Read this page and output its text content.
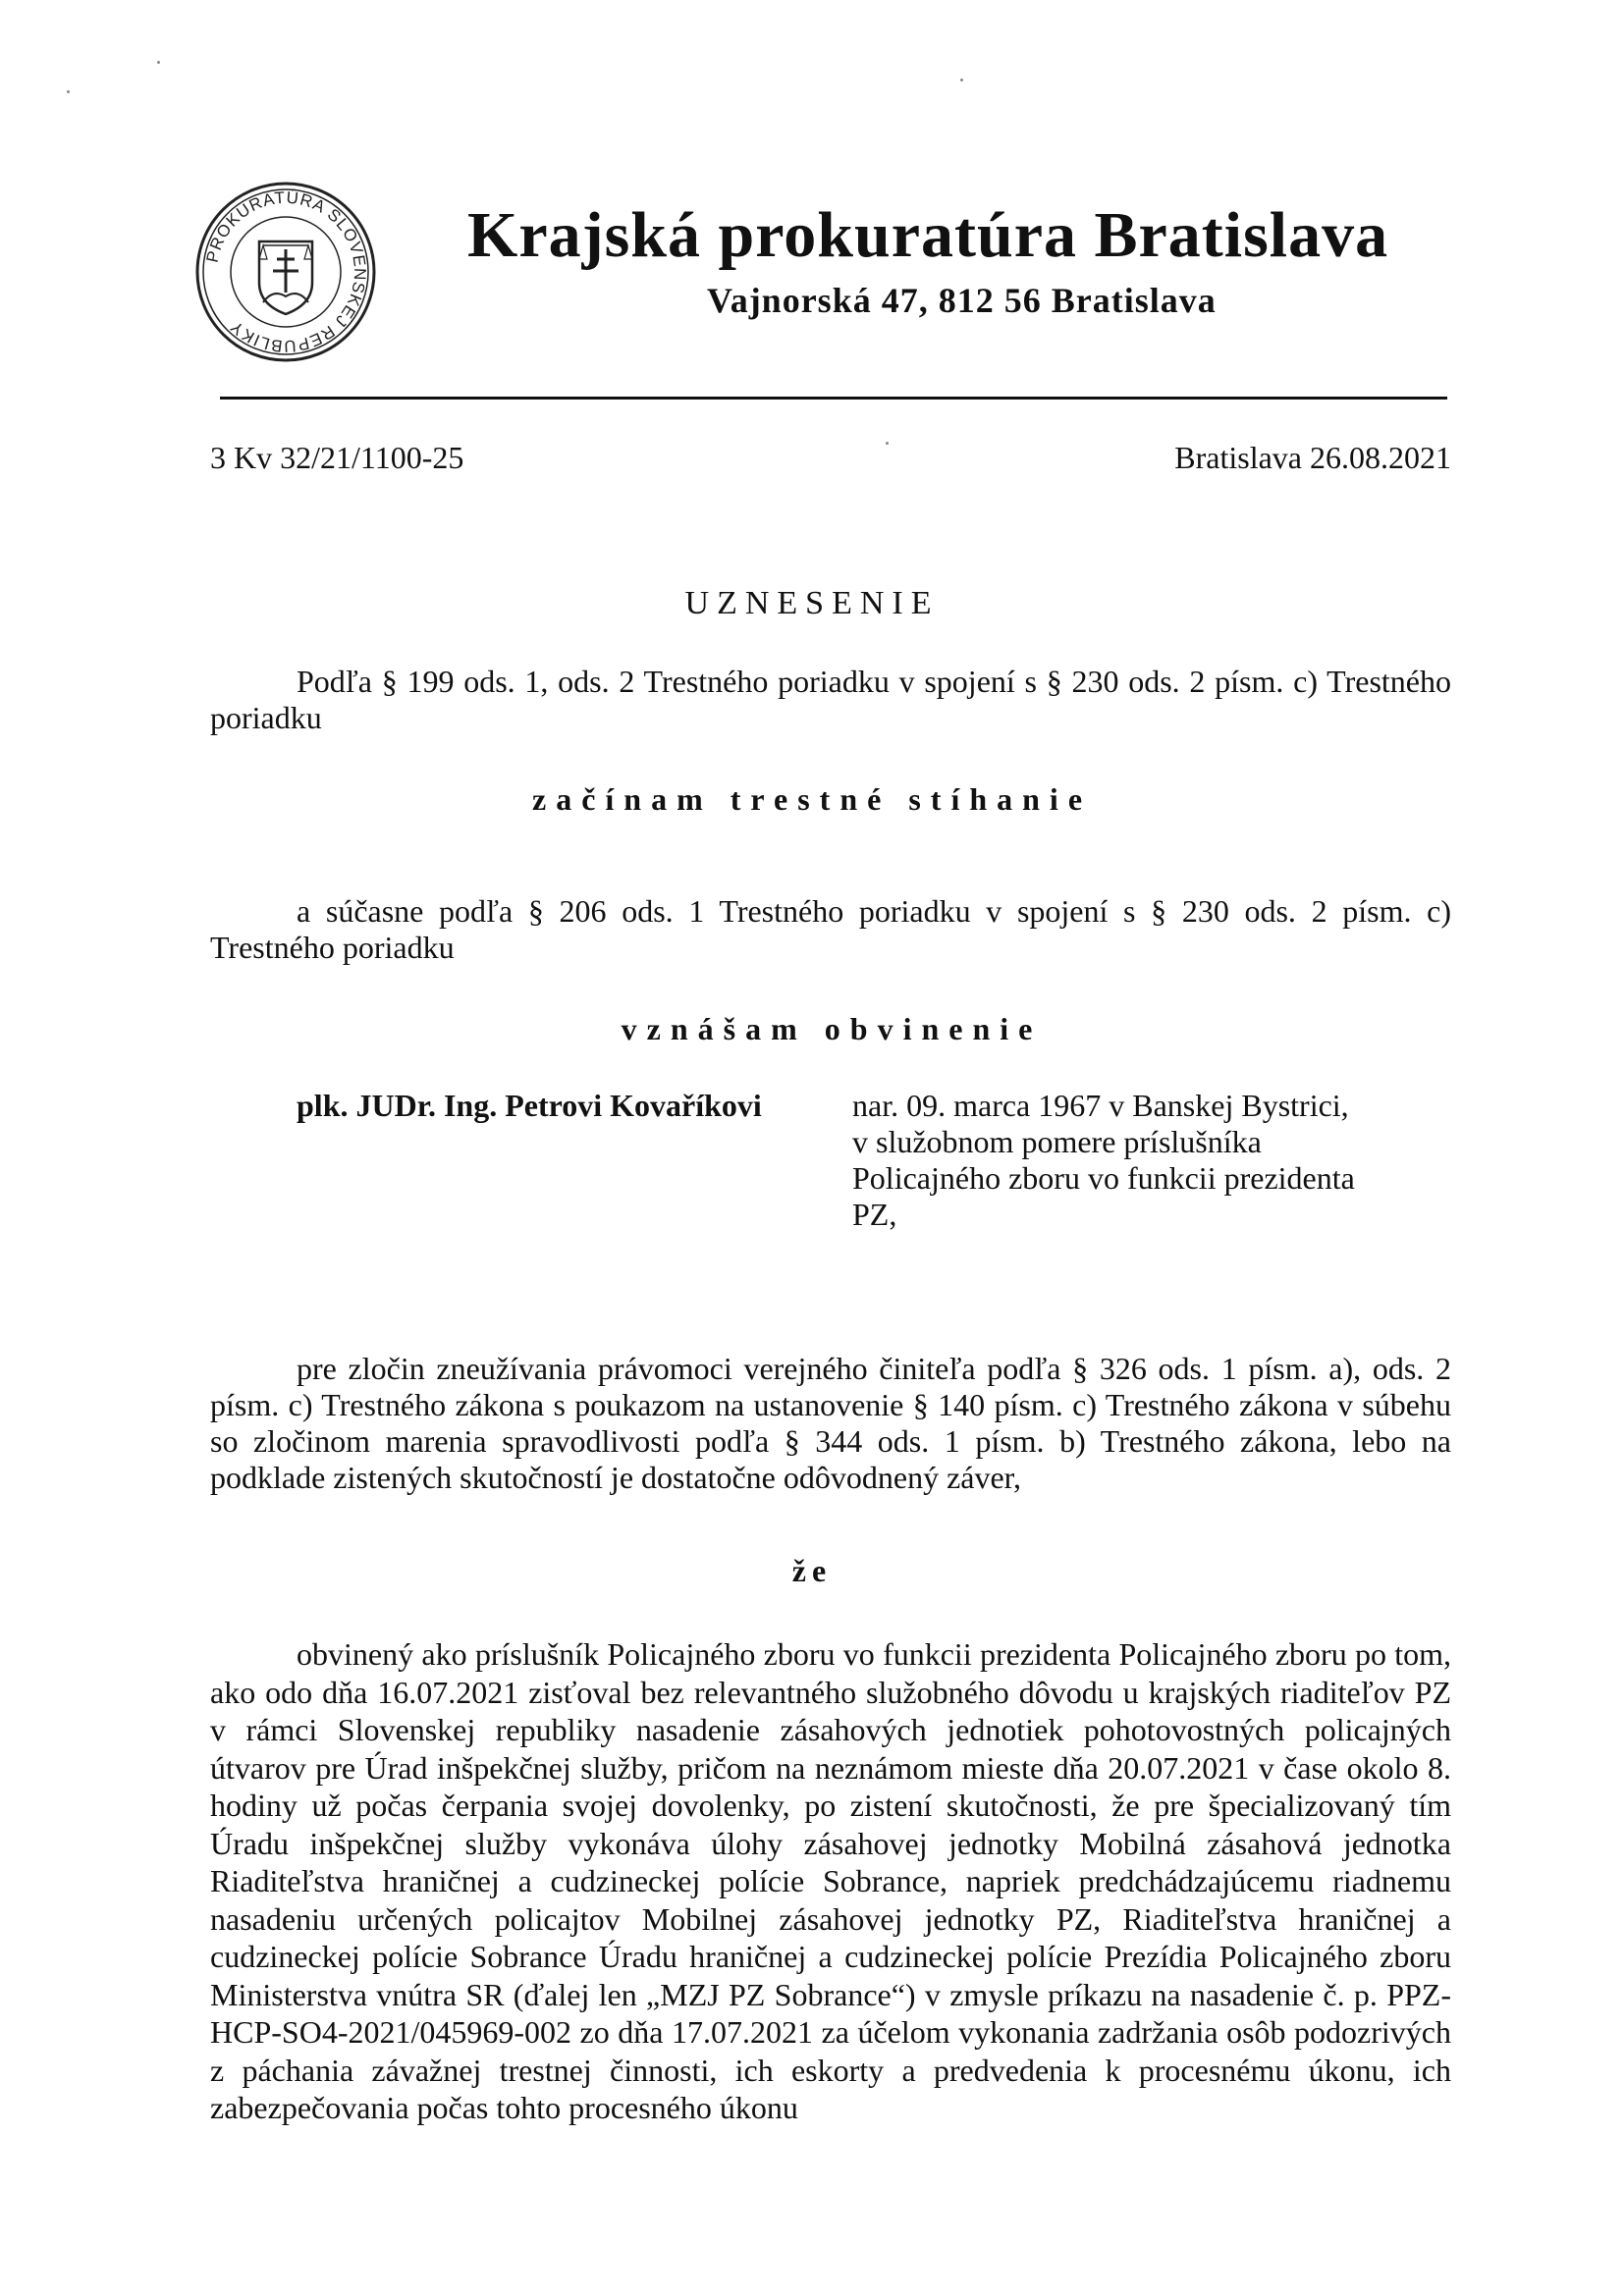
PROKURATÚRA SLOVENSKEJ REPUBLIKY
Krajská prokuratúra Bratislava
Vajnorská 47, 812 56 Bratislava
3 Kv 32/21/1100-25	Bratislava 26.08.2021
UZNESENIE
Podľa § 199 ods. 1, ods. 2 Trestného poriadku v spojení s § 230 ods. 2 písm. c) Trestného poriadku
začínam trestné stíhanie
a súčasne podľa § 206 ods. 1 Trestného poriadku v spojení s § 230 ods. 2 písm. c) Trestného poriadku
vznášam obvinenie
plk. JUDr. Ing. Petrovi Kovaříkovi	nar. 09. marca 1967 v Banskej Bystrici,
v služobnom pomere príslušníka
Policajného zboru vo funkcii prezidenta
PZ,
pre zločin zneužívania právomoci verejného činiteľa podľa § 326 ods. 1 písm. a), ods. 2 písm. c) Trestného zákona s poukazom na ustanovenie § 140 písm. c) Trestného zákona v súbehu so zločinom marenia spravodlivosti podľa § 344 ods. 1 písm. b) Trestného zákona, lebo na podklade zistených skutočností je dostatočne odôvodnený záver,
že
obvinený ako príslušník Policajného zboru vo funkcii prezidenta Policajného zboru po tom, ako odo dňa 16.07.2021 zisťoval bez relevantného služobného dôvodu u krajských riaditeľov PZ v rámci Slovenskej republiky nasadenie zásahových jednotiek pohotovostných policajných útvarov pre Úrad inšpekčnej služby, pričom na neznámom mieste dňa 20.07.2021 v čase okolo 8. hodiny už počas čerpania svojej dovolenky, po zistení skutočnosti, že pre špecializovaný tím Úradu inšpekčnej služby vykonáva úlohy zásahovej jednotky Mobilná zásahová jednotka Riaditeľstva hraničnej a cudzineckej polície Sobrance, napriek predchádzajúcemu riadnemu nasadeniu určených policajtov Mobilnej zásahovej jednotky PZ, Riaditeľstva hraničnej a cudzineckej polície Sobrance Úradu hraničnej a cudzineckej polície Prezídia Policajného zboru Ministerstva vnútra SR (ďalej len „MZJ PZ Sobrance“) v zmysle príkazu na nasadenie č. p. PPZ-HCP-SO4-2021/045969-002 zo dňa 17.07.2021 za účelom vykonania zadržania osôb podozrivých z páchania závažnej trestnej činnosti, ich eskorty a predvedenia k procesnému úkonu, ich zabezpečovania počas tohto procesného úkonu
